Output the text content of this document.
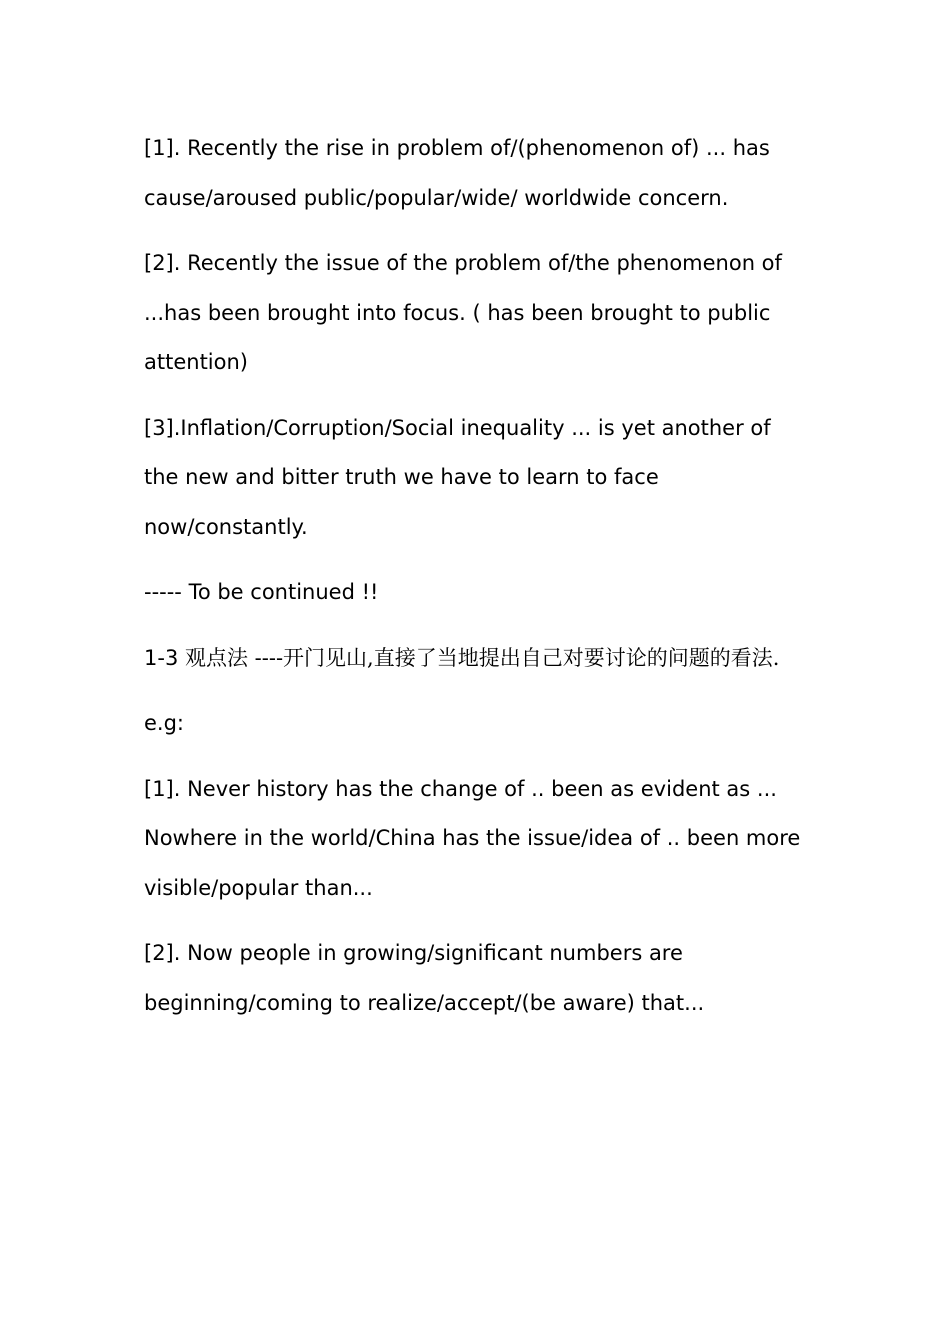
[1]. Recently the rise in problem of/(phenomenon of) ... has cause/aroused public/popular/wide/ worldwide concern.

[2]. Recently the issue of the problem of/the phenomenon of ...has been brought into focus. ( has been brought to public attention)

[3].Inflation/Corruption/Social inequality ... is yet another of the new and bitter truth we have to learn to face now/constantly.

----- To be continued !!

1-3 观点法 ----开门见山,直接了当地提出自己对要讨论的问题的看法.

e.g:

[1]. Never history has the change of .. been as evident as ... Nowhere in the world/China has the issue/idea of .. been more visible/popular than...

[2]. Now people in growing/significant numbers are beginning/coming to realize/accept/(be aware) that...
